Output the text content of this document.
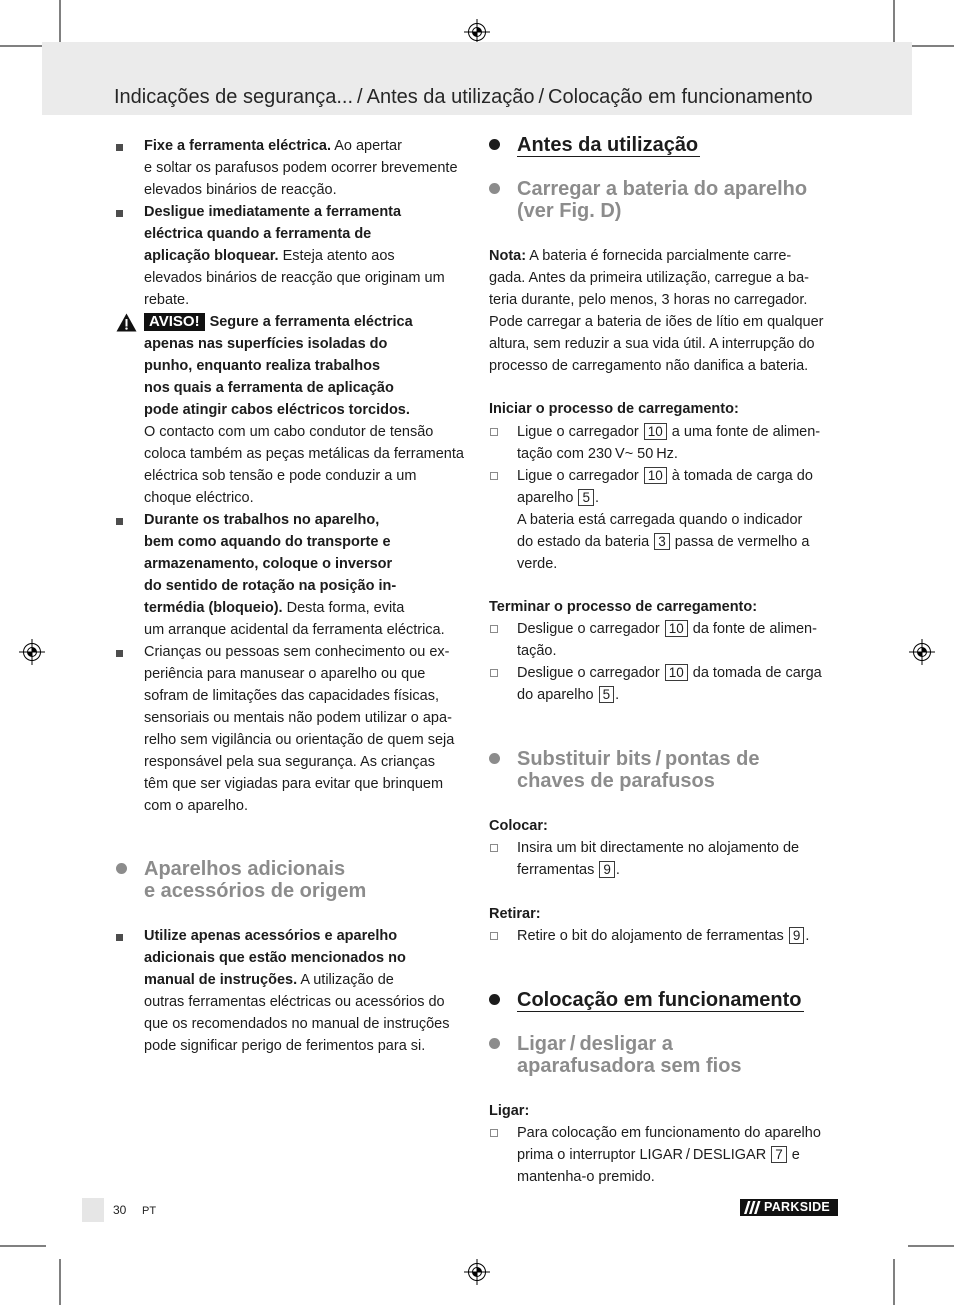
Indicações de segurança... / Antes da utilização / Colocação em funcionamento
Fixe a ferramenta eléctrica. Ao apertar
e soltar os parafusos podem ocorrer brevemente
elevados binários de reacção.
Desligue imediatamente a ferramenta
eléctrica quando a ferramenta de
aplicação bloquear. Esteja atento aos
elevados binários de reacção que originam um
rebate.
AVISO! Segure a ferramenta eléctrica
apenas nas superfícies isoladas do
punho, enquanto realiza trabalhos
nos quais a ferramenta de aplicação
pode atingir cabos eléctricos torcidos.
O contacto com um cabo condutor de tensão
coloca também as peças metálicas da ferramenta
eléctrica sob tensão e pode conduzir a um
choque eléctrico.
Durante os trabalhos no aparelho,
bem como aquando do transporte e
armazenamento, coloque o inversor
do sentido de rotação na posição in-
termédia (bloqueio). Desta forma, evita
um arranque acidental da ferramenta eléctrica.
Crianças ou pessoas sem conhecimento ou ex-
periência para manusear o aparelho ou que
sofram de limitações das capacidades físicas,
sensoriais ou mentais não podem utilizar o apa-
relho sem vigilância ou orientação de quem seja
responsável pela sua segurança. As crianças
têm que ser vigiadas para evitar que brinquem
com o aparelho.
Aparelhos adicionais
e acessórios de origem
Utilize apenas acessórios e aparelho
adicionais que estão mencionados no
manual de instruções. A utilização de
outras ferramentas eléctricas ou acessórios do
que os recomendados no manual de instruções
pode significar perigo de ferimentos para si.
Antes da utilização
Carregar a bateria do aparelho
(ver Fig. D)
Nota: A bateria é fornecida parcialmente carre-
gada. Antes da primeira utilização, carregue a ba-
teria durante, pelo menos, 3 horas no carregador.
Pode carregar a bateria de iões de lítio em qualquer
altura, sem reduzir a sua vida útil. A interrupção do
processo de carregamento não danifica a bateria.
Iniciar o processo de carregamento:
Ligue o carregador 10 a uma fonte de alimen-
tação com 230 V~ 50 Hz.
Ligue o carregador 10 à tomada de carga do
aparelho 5 .
A bateria está carregada quando o indicador
do estado da bateria 3 passa de vermelho a
verde.
Terminar o processo de carregamento:
Desligue o carregador 10 da fonte de alimen-
tação.
Desligue o carregador 10 da tomada de carga
do aparelho 5 .
Substituir bits / pontas de
chaves de parafusos
Colocar:
Insira um bit directamente no alojamento de
ferramentas 9 .
Retirar:
Retire o bit do alojamento de ferramentas 9 .
Colocação em funcionamento
Ligar / desligar a
aparafusadora sem fios
Ligar:
Para colocação em funcionamento do aparelho
prima o interruptor LIGAR / DESLIGAR 7 e
mantenha-o premido.
30 PT	PARKSIDE
